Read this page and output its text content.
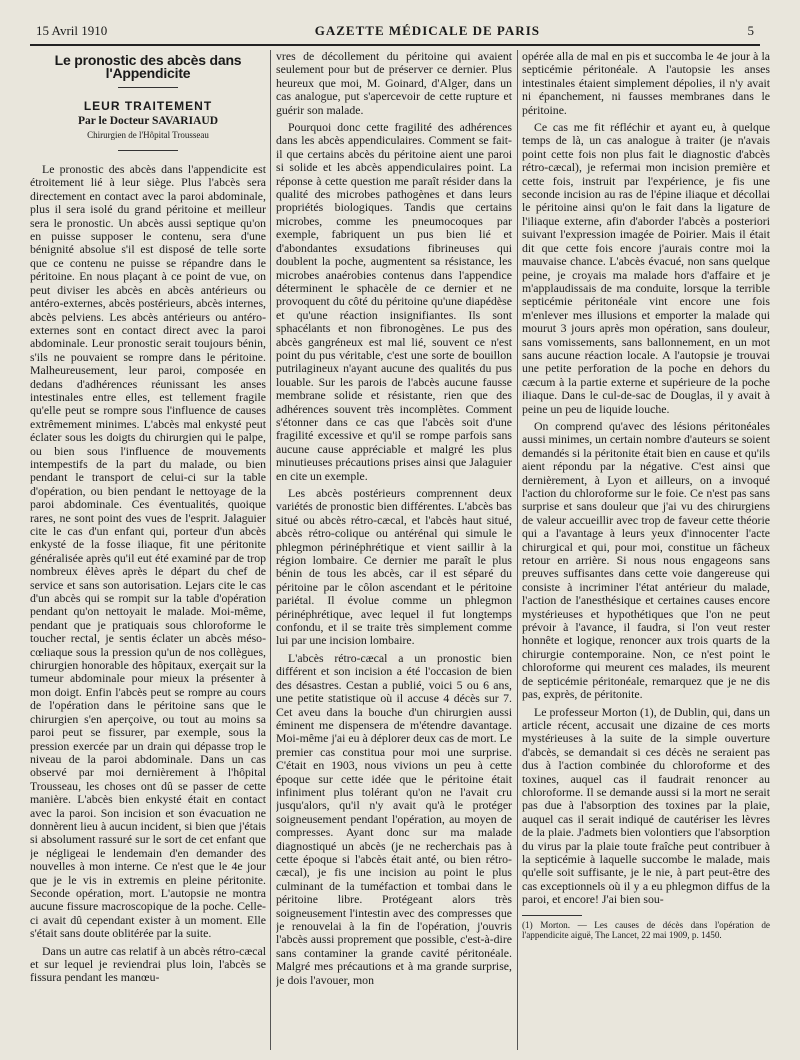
15 Avril 1910	GAZETTE MÉDICALE DE PARIS	5
Le pronostic des abcès dans l'Appendicite
LEUR TRAITEMENT
Par le Docteur SAVARIAUD
Chirurgien de l'Hôpital Trousseau

Le pronostic des abcès dans l'appendicite est étroitement lié à leur siège. Plus l'abcès sera directement en contact avec la paroi abdominale, plus il sera isolé du grand péritoine et meilleur sera le pronostic. Un abcès aussi septique qu'on en puisse supposer le contenu, sera d'une bénignité absolue s'il est disposé de telle sorte que ce contenu ne puisse se répandre dans le péritoine. En nous plaçant à ce point de vue, on peut diviser les abcès en abcès antérieurs ou antéro-externes, abcès postérieurs, abcès internes, abcès pelviens. Les abcès antérieurs ou antéro-externes sont en contact direct avec la paroi abdominale. Leur pronostic serait toujours bénin, s'ils ne pouvaient se rompre dans le péritoine. Malheureusement, leur paroi, composée en dedans d'adhérences réunissant les anses intestinales entre elles, est tellement fragile qu'elle peut se rompre sous l'influence de causes extrêmement minimes. L'abcès mal enkysté peut éclater sous les doigts du chirurgien qui le palpe, ou bien sous l'influence de mouvements intempestifs de la part du malade, ou bien pendant le transport de celui-ci sur la table d'opération, ou bien pendant le nettoyage de la paroi abdominale. Ces éventualités, quoique rares, ne sont point des vues de l'esprit. Jalaguier cite le cas d'un enfant qui, porteur d'un abcès enkysté de la fosse iliaque, fit une péritonite généralisée après qu'il eut été examiné par de trop nombreux élèves après le départ du chef de service et sans son autorisation. Lejars cite le cas d'un abcès qui se rompit sur la table d'opération pendant qu'on nettoyait le malade. Moi-même, pendant que je pratiquais sous chloroforme le toucher rectal, je sentis éclater un abcès méso-cœliaque sous la pression qu'un de nos collègues, chirurgien honorable des hôpitaux, exerçait sur la tumeur abdominale pour mieux la présenter à mon doigt. Enfin l'abcès peut se rompre au cours de l'opération dans le péritoine sans que le chirurgien s'en aperçoive, ou tout au moins sa paroi peut se fissurer, par exemple, sous la pression exercée par un drain qui dépasse trop le niveau de la paroi abdominale. Dans un cas observé par moi dernièrement à l'hôpital Trousseau, les choses ont dû se passer de cette manière. L'abcès bien enkysté était en contact avec la paroi. Son incision et son évacuation ne donnèrent lieu à aucun incident, si bien que j'étais si absolument rassuré sur le sort de cet enfant que je négligeai le lendemain d'en demander des nouvelles à mon interne. Ce n'est que le 4e jour que je le vis in extremis en pleine péritonite. Seconde opération, mort. L'autopsie ne montra aucune fissure macroscopique de la poche. Celle-ci avait dû cependant exister à un moment. Elle s'était sans doute oblitérée par la suite.

Dans un autre cas relatif à un abcès rétro-cæcal et sur lequel je reviendrai plus loin, l'abcès se fissura pendant les manœu-

vres de décollement du péritoine qui avaient seulement pour but de préserver ce dernier. Plus heureux que moi, M. Goinard, d'Alger, dans un cas analogue, put s'apercevoir de cette rupture et guérir son malade.

Pourquoi donc cette fragilité des adhérences dans les abcès appendiculaires. Comment se fait-il que certains abcès du péritoine aient une paroi si solide et les abcès appendiculaires point. La réponse à cette question me paraît résider dans la qualité des microbes pathogènes et dans leurs propriétés biologiques. Tandis que certains microbes, comme les pneumocoques par exemple, fabriquent un pus bien lié et d'abondantes exsudations fibrineuses qui doublent la poche, augmentent sa résistance, les microbes anaérobies contenus dans l'appendice déterminent le sphacèle de ce dernier et ne provoquent du côté du péritoine qu'une diapédèse et qu'une réaction insignifiantes. Ils sont sphacélants et non fibronogènes. Le pus des abcès gangréneux est mal lié, souvent ce n'est point du pus véritable, c'est une sorte de bouillon putrilagineux n'ayant aucune des qualités du pus louable. Sur les parois de l'abcès aucune fausse membrane solide et résistante, rien que des adhérences souvent très incomplètes. Comment s'étonner dans ce cas que l'abcès soit d'une fragilité excessive et qu'il se rompe parfois sans aucune cause appréciable et malgré les plus minutieuses précautions prises ainsi que Jalaguier en cite un exemple.

Les abcès postérieurs comprennent deux variétés de pronostic bien différentes. L'abcès bas situé ou abcès rétro-cæcal, et l'abcès haut situé, abcès rétro-colique ou antérénal qui simule le phlegmon périnéphrétique et vient saillir à la région lombaire. Ce dernier me paraît le plus bénin de tous les abcès, car il est séparé du péritoine par le côlon ascendant et le péritoine pariétal. Il évolue comme un phlegmon périnéphrétique, avec lequel il fut longtemps confondu, et il se traite très simplement comme lui par une incision lombaire.

L'abcès rétro-cæcal a un pronostic bien différent et son incision a été l'occasion de bien des désastres. Cestan a publié, voici 5 ou 6 ans, une petite statistique où il accuse 4 décès sur 7. Cet aveu dans la bouche d'un chirurgien aussi éminent me dispensera de m'étendre davantage. Moi-même j'ai eu à déplorer deux cas de mort. Le premier cas constitua pour moi une surprise. C'était en 1903, nous vivions un peu à cette époque sur cette idée que le péritoine était infiniment plus tolérant qu'on ne l'avait cru jusqu'alors, qu'il n'y avait qu'à le protéger soigneusement pendant l'opération, au moyen de compresses. Ayant donc sur ma malade diagnostiqué un abcès (je ne recherchais pas à cette époque si l'abcès était anté, ou bien rétro-cæcal), je fis une incision au point le plus culminant de la tuméfaction et tombai dans le péritoine libre. Protégeant alors très soigneusement l'intestin avec des compresses que je renouvelai à la fin de l'opération, j'ouvris l'abcès aussi proprement que possible, c'est-à-dire sans contaminer la grande cavité péritonéale. Malgré mes précautions et à ma grande surprise, je dois l'avouer, mon

opérée alla de mal en pis et succomba le 4e jour à la septicémie péritonéale. A l'autopsie les anses intestinales étaient simplement dépolies, il n'y avait ni épanchement, ni fausses membranes dans le péritoine.

Ce cas me fit réfléchir et ayant eu, à quelque temps de là, un cas analogue à traiter (je n'avais point cette fois non plus fait le diagnostic d'abcès rétro-cæcal), je refermai mon incision première et cette fois, instruit par l'expérience, je fis une seconde incision au ras de l'épine iliaque et décollai le péritoine ainsi qu'on le fait dans la ligature de l'iliaque externe, afin d'aborder l'abcès a posteriori suivant l'expression imagée de Poirier. Mais il était dit que cette fois encore j'aurais contre moi la mauvaise chance. L'abcès évacué, non sans quelque peine, je croyais ma malade hors d'affaire et je m'applaudissais de ma conduite, lorsque la terrible septicémie péritonéale vint encore une fois m'enlever mes illusions et emporter la malade qui mourut 3 jours après mon opération, sans douleur, sans vomissements, sans ballonnement, en un mot sans aucune réaction locale. A l'autopsie je trouvai une petite perforation de la poche en dehors du cæcum à la partie externe et supérieure de la poche iliaque. Dans le cul-de-sac de Douglas, il y avait à peine un peu de liquide louche.

On comprend qu'avec des lésions péritonéales aussi minimes, un certain nombre d'auteurs se soient demandés si la péritonite était bien en cause et qu'ils aient répondu par la négative. C'est ainsi que dernièrement, à Lyon et ailleurs, on a invoqué l'action du chloroforme sur le foie. Ce n'est pas sans surprise et sans douleur que j'ai vu des chirurgiens de valeur accueillir avec trop de faveur cette théorie qui a l'avantage à leurs yeux d'innocenter l'acte chirurgical et qui, pour moi, constitue un fâcheux retour en arrière. Si nous nous engageons sans preuves suffisantes dans cette voie dangereuse qui consiste à incriminer l'état antérieur du malade, l'action de l'anesthésique et certaines causes encore mystérieuses et hypothétiques que l'on ne peut prévoir à l'avance, il faudra, si l'on veut rester honnête et logique, renoncer aux trois quarts de la chirurgie contemporaine. Non, ce n'est point le chloroforme qui meurent ces malades, ils meurent de septicémie péritonéale, remarquez que je ne dis pas, exprès, de péritonite.

Le professeur Morton (1), de Dublin, qui, dans un article récent, accusait une dizaine de ces morts mystérieuses à la suite de la simple ouverture d'abcès, se demandait si ces décès ne seraient pas dus à l'action combinée du chloroforme et des toxines, auquel cas il faudrait renoncer au chloroforme. Il se demande aussi si la mort ne serait pas due à l'absorption des toxines par la plaie, auquel cas il serait indiqué de cautériser les lèvres de la plaie. J'admets bien volontiers que l'absorption du virus par la plaie toute fraîche peut contribuer à la septicémie à laquelle succombe le malade, mais qu'elle soit suffisante, je le nie, à part peut-être des cas exceptionnels où il y a eu phlegmon diffus de la paroi, et encore! J'ai bien sou-

(1) Morton. — Les causes de décès dans l'opération de l'appendicite aiguë, The Lancet, 22 mai 1909, p. 1450.
